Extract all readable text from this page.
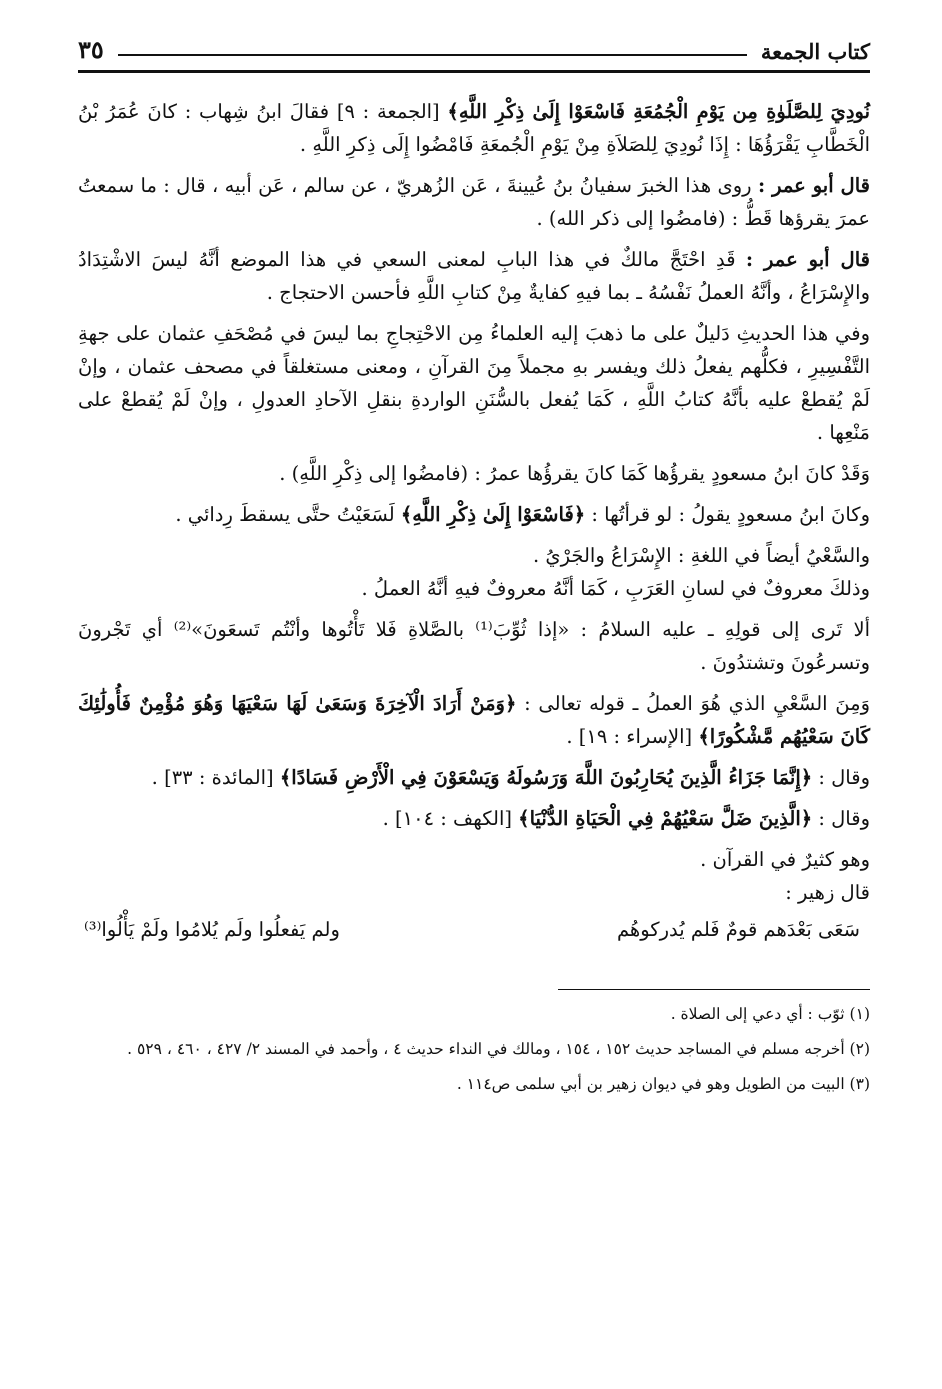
كتاب الجمعة
٣٥

نُودِيَ لِلصَّلَوٰةِ مِن يَوْمِ الْجُمُعَةِ فَاسْعَوْا إِلَىٰ ذِكْرِ اللَّهِ﴾ [الجمعة : ٩] فقالَ ابنُ شِهاب : كانَ عُمَرُ بْنُ الْخَطَّابِ يَقْرَؤُهَا : إِذَا نُودِيَ لِلصَلاَةِ مِنْ يَوْمِ الْجُمعَةِ فَامْضُوا إِلَى ذِكرِ اللَّهِ .

قال أبو عمر : روى هذا الخبرَ سفيانُ بنُ عُيينةَ ، عَن الزُهريّ ، عن سالم ، عَن أبيه ، قال : ما سمعتُ عمرَ يقرؤها قَطُّ : (فامضُوا إلى ذكر الله) .

قال أبو عمر : قَدِ احْتَجَّ مالكٌ في هذا البابِ لمعنى السعي في هذا الموضع أنَّهُ ليسَ الاشْتِدَادُ والإِسْرَاعُ ، وأنَّهُ العملُ نَفْسُهُ ـ بما فيهِ كفايةٌ مِنْ كتابِ اللَّهِ فأحسن الاحتجاج .

وفي هذا الحديثِ دَليلٌ على ما ذهبَ إليه العلماءُ مِن الاحْتِجاجِ بما ليسَ في مُصْحَفِ عثمان على جهةِ التَّفْسِيرِ ، فكلُّهم يفعلُ ذلك ويفسر بهِ مجملاً مِنَ القرآنِ ، ومعنى مستغلقاً في مصحف عثمان ، وإنْ لَمْ يُقطعْ عليه بأنَّهُ كتابُ اللَّهِ ، كَمَا يُفعل بالسُّنَنِ الواردةِ بنقلِ الآحادِ العدولِ ، وإنْ لَمْ يُقطعْ على مَنْعِها .

وَقَدْ كانَ ابنُ مسعودٍ يقرؤُها كَمَا كانَ يقرؤُها عمرُ : (فامضُوا إلى ذِكْرِ اللَّهِ) .

وكانَ ابنُ مسعودٍ يقولُ : لو قرأتُها : ﴿فَاسْعَوْا إِلَىٰ ذِكْرِ اللَّهِ﴾ لَسَعَيْتُ حتَّى يسقطَ رِدائي .

والسَّعْيُ أيضاً في اللغةِ : الإِسْرَاعُ والجَرْيُ .

وذلكَ معروفٌ في لسانِ العَرَبِ ، كَمَا أنَّهُ معروفٌ فيهِ أنَّهُ العملُ .

ألا تَرى إلى قولِهِ ـ عليه السلامُ : «إذا ثُوِّبَ⁽¹⁾ بالصَّلاةِ فَلا تَأْتُوها وأنْتُم تَسعَونَ»⁽²⁾ أي تَجْرونَ وتسرعُونَ وتشتدُونَ .

وَمِنَ السَّعْيِ الذي هُوَ العملُ ـ قوله تعالى : ﴿وَمَنْ أَرَادَ الْآخِرَةَ وَسَعَىٰ لَهَا سَعْيَهَا وَهُوَ مُؤْمِنٌ فَأُولَٰئِكَ كَانَ سَعْيُهُم مَّشْكُورًا﴾ [الإسراء : ١٩] .

وقال : ﴿إِنَّمَا جَزَاءُ الَّذِينَ يُحَارِبُونَ اللَّهَ وَرَسُولَهُ وَيَسْعَوْنَ فِي الْأَرْضِ فَسَادًا﴾ [المائدة : ٣٣] .

وقال : ﴿الَّذِينَ ضَلَّ سَعْيُهُمْ فِي الْحَيَاةِ الدُّنْيَا﴾ [الكهف : ١٠٤] .

وهو كثيرٌ في القرآن .

قال زهير :

سَعَى بَعْدَهم قومٌ فَلم يُدركوهُم
ولم يَفعلُوا ولَم يُلامُوا ولَمْ يَأْلُوا⁽³⁾

(١) ثوّب : أي دعي إلى الصلاة .

(٢) أخرجه مسلم في المساجد حديث ١٥٢ ، ١٥٤ ، ومالك في النداء حديث ٤ ، وأحمد في المسند ٢/ ٤٢٧ ، ٤٦٠ ، ٥٢٩ .

(٣) البيت من الطويل وهو في ديوان زهير بن أبي سلمى ص١١٤ .
